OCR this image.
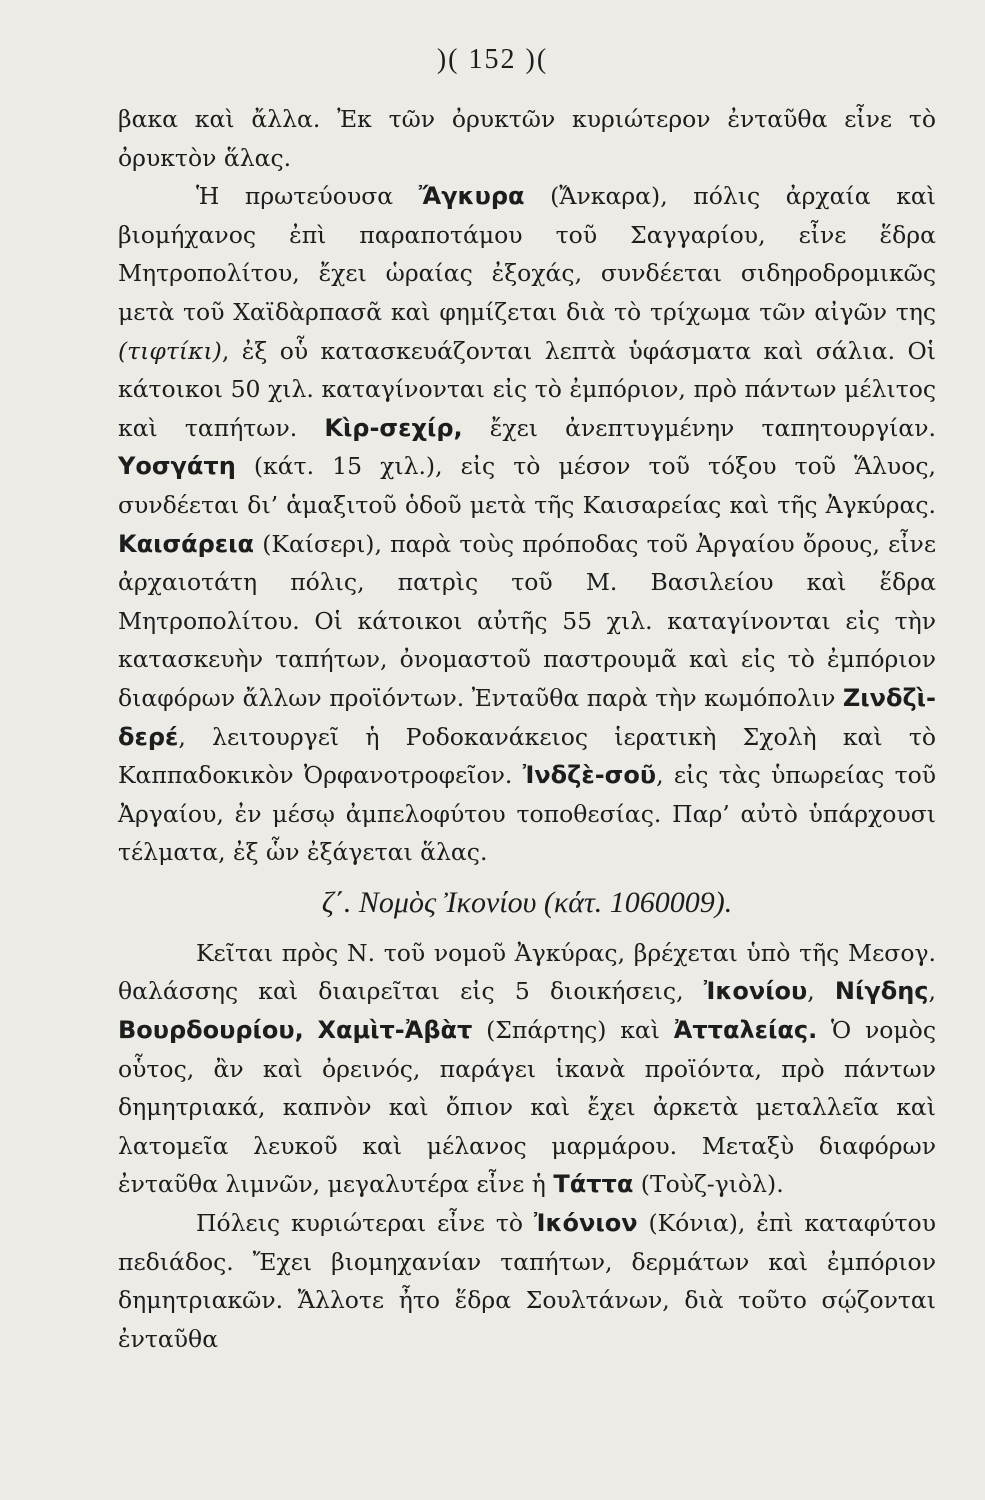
)( 152 )(

βακα καὶ ἄλλα. Ἐκ τῶν ὀρυκτῶν κυριώτερον ἐνταῦθα εἶνε τὸ ὀρυκτὸν ἅλας.

Ἡ πρωτεύουσα Ἄγκυρα (Ἄνκαρα), πόλις ἀρχαία καὶ βιομήχανος ἐπὶ παραποτάμου τοῦ Σαγγαρίου, εἶνε ἕδρα Μητροπολίτου, ἔχει ὡραίας ἐξοχάς, συνδέεται σιδηροδρομικῶς μετὰ τοῦ Χαϊδὰρπασᾶ καὶ φημίζεται διὰ τὸ τρίχωμα τῶν αἰγῶν της (τιφτίκι), ἐξ οὗ κατασκευάζονται λεπτὰ ὑφάσματα καὶ σάλια. Οἱ κάτοικοι 50 χιλ. καταγίνονται εἰς τὸ ἐμπόριον, πρὸ πάντων μέλιτος καὶ ταπήτων. Κὶρ-σεχίρ, ἔχει ἀνεπτυγμένην ταπητουργίαν. Υοσγάτη (κάτ. 15 χιλ.), εἰς τὸ μέσον τοῦ τόξου τοῦ Ἅλυος, συνδέεται δι’ ἁμαξιτοῦ ὁδοῦ μετὰ τῆς Καισαρείας καὶ τῆς Ἀγκύρας. Καισάρεια (Καίσερι), παρὰ τοὺς πρόποδας τοῦ Ἀργαίου ὄρους, εἶνε ἀρχαιοτάτη πόλις, πατρὶς τοῦ Μ. Βασιλείου καὶ ἕδρα Μητροπολίτου. Οἱ κάτοικοι αὐτῆς 55 χιλ. καταγίνονται εἰς τὴν κατασκευὴν ταπήτων, ὀνομαστοῦ παστρουμᾶ καὶ εἰς τὸ ἐμπόριον διαφόρων ἄλλων προϊόντων. Ἐνταῦθα παρὰ τὴν κωμόπολιν Ζινδζὶ-δερέ, λειτουργεῖ ἡ Ροδοκανάκειος ἱερατικὴ Σχολὴ καὶ τὸ Καππαδοκικὸν Ὀρφανοτροφεῖον. Ἰνδζὲ-σοῦ, εἰς τὰς ὑπωρείας τοῦ Ἀργαίου, ἐν μέσῳ ἀμπελοφύτου τοποθεσίας. Παρ’ αὐτὸ ὑπάρχουσι τέλματα, ἐξ ὧν ἐξάγεται ἅλας.

ζ΄. Νομὸς Ἰκονίου (κάτ. 1060009).

Κεῖται πρὸς Ν. τοῦ νομοῦ Ἀγκύρας, βρέχεται ὑπὸ τῆς Μεσογ. θαλάσσης καὶ διαιρεῖται εἰς 5 διοικήσεις, Ἰκονίου, Νίγδης, Βουρδουρίου, Χαμὶτ-Ἀβὰτ (Σπάρτης) καὶ Ἀτταλείας. Ὁ νομὸς οὗτος, ἂν καὶ ὀρεινός, παράγει ἱκανὰ προϊόντα, πρὸ πάντων δημητριακά, καπνὸν καὶ ὄπιον καὶ ἔχει ἀρκετὰ μεταλλεῖα καὶ λατομεῖα λευκοῦ καὶ μέλανος μαρμάρου. Μεταξὺ διαφόρων ἐνταῦθα λιμνῶν, μεγαλυτέρα εἶνε ἡ Τάττα (Τοὺζ-γιὸλ).

Πόλεις κυριώτεραι εἶνε τὸ Ἰκόνιον (Κόνια), ἐπὶ καταφύτου πεδιάδος. Ἔχει βιομηχανίαν ταπήτων, δερμάτων καὶ ἐμπόριον δημητριακῶν. Ἄλλοτε ἦτο ἕδρα Σουλτάνων, διὰ τοῦτο σῴζονται ἐνταῦθα
